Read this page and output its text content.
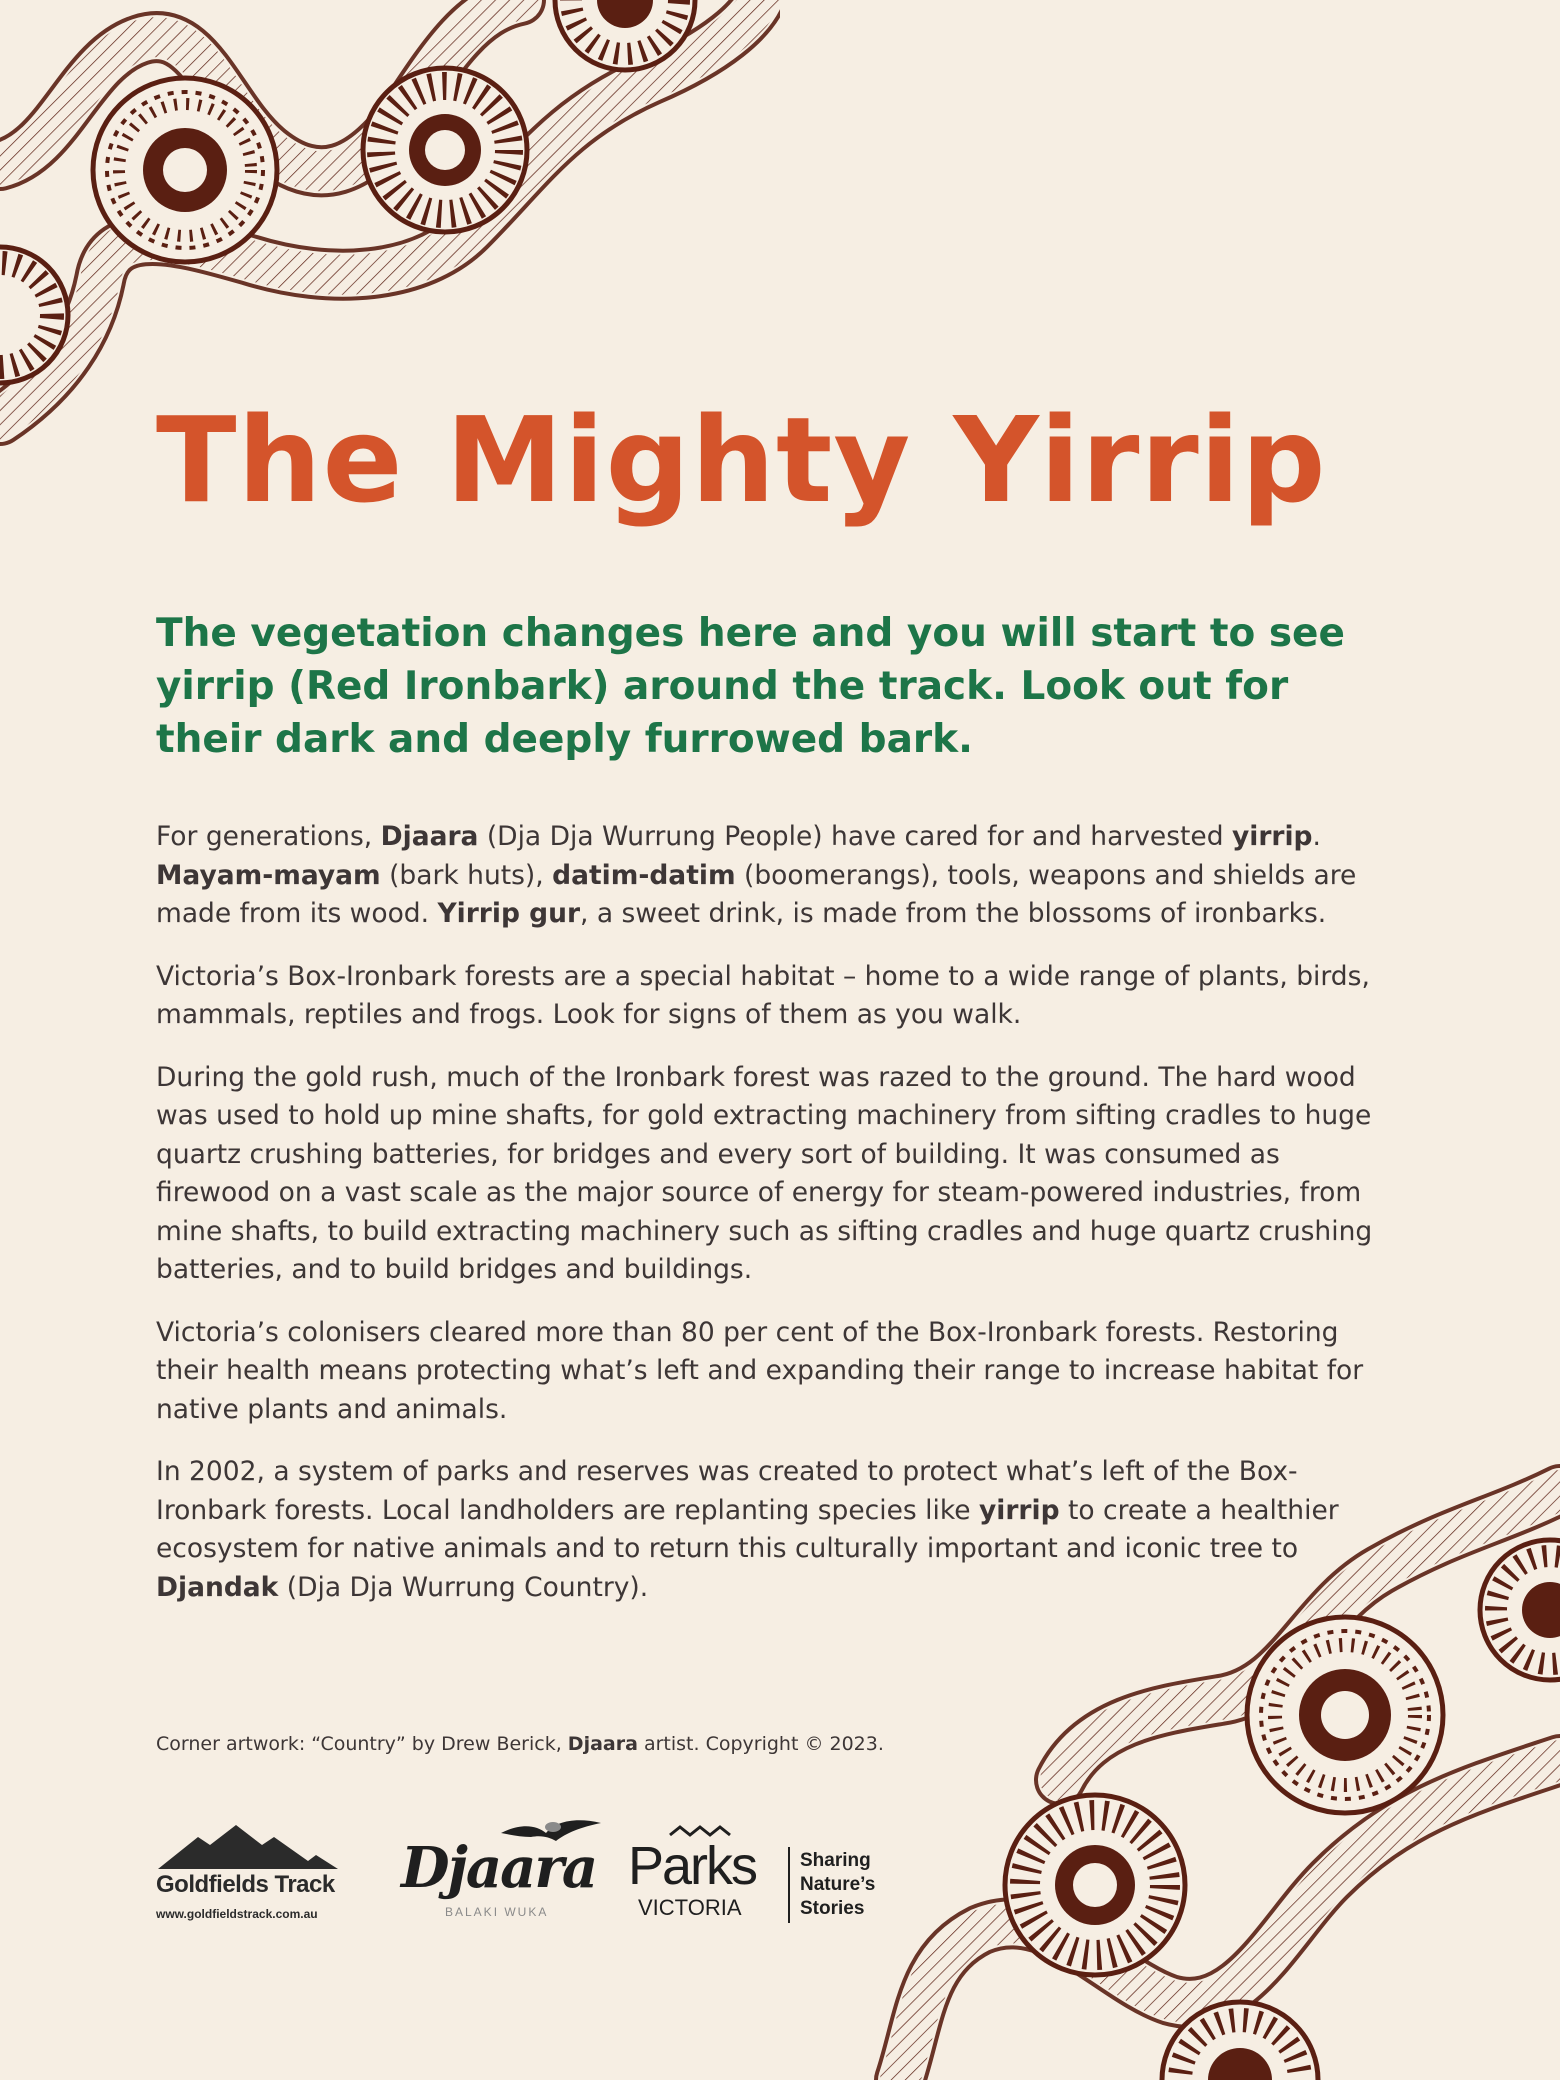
The Mighty Yirrip

The vegetation changes here and you will start to see yirrip (Red Ironbark) around the track. Look out for their dark and deeply furrowed bark.

For generations, Djaara (Dja Dja Wurrung People) have cared for and harvested yirrip. Mayam-mayam (bark huts), datim-datim (boomerangs), tools, weapons and shields are made from its wood. Yirrip gur, a sweet drink, is made from the blossoms of ironbarks.

Victoria’s Box-Ironbark forests are a special habitat – home to a wide range of plants, birds, mammals, reptiles and frogs. Look for signs of them as you walk.

During the gold rush, much of the Ironbark forest was razed to the ground. The hard wood was used to hold up mine shafts, for gold extracting machinery from sifting cradles to huge quartz crushing batteries, for bridges and every sort of building. It was consumed as firewood on a vast scale as the major source of energy for steam-powered industries, from mine shafts, to build extracting machinery such as sifting cradles and huge quartz crushing batteries, and to build bridges and buildings.

Victoria’s colonisers cleared more than 80 per cent of the Box-Ironbark forests. Restoring their health means protecting what’s left and expanding their range to increase habitat for native plants and animals.

In 2002, a system of parks and reserves was created to protect what’s left of the Box-Ironbark forests. Local landholders are replanting species like yirrip to create a healthier ecosystem for native animals and to return this culturally important and iconic tree to Djandak (Dja Dja Wurrung Country).

Corner artwork: “Country” by Drew Berick, Djaara artist. Copyright © 2023.

Goldfields Track
www.goldfieldstrack.com.au
Djaara
BALAKI WUKA
Parks
VICTORIA
Sharing
Nature’s
Stories
